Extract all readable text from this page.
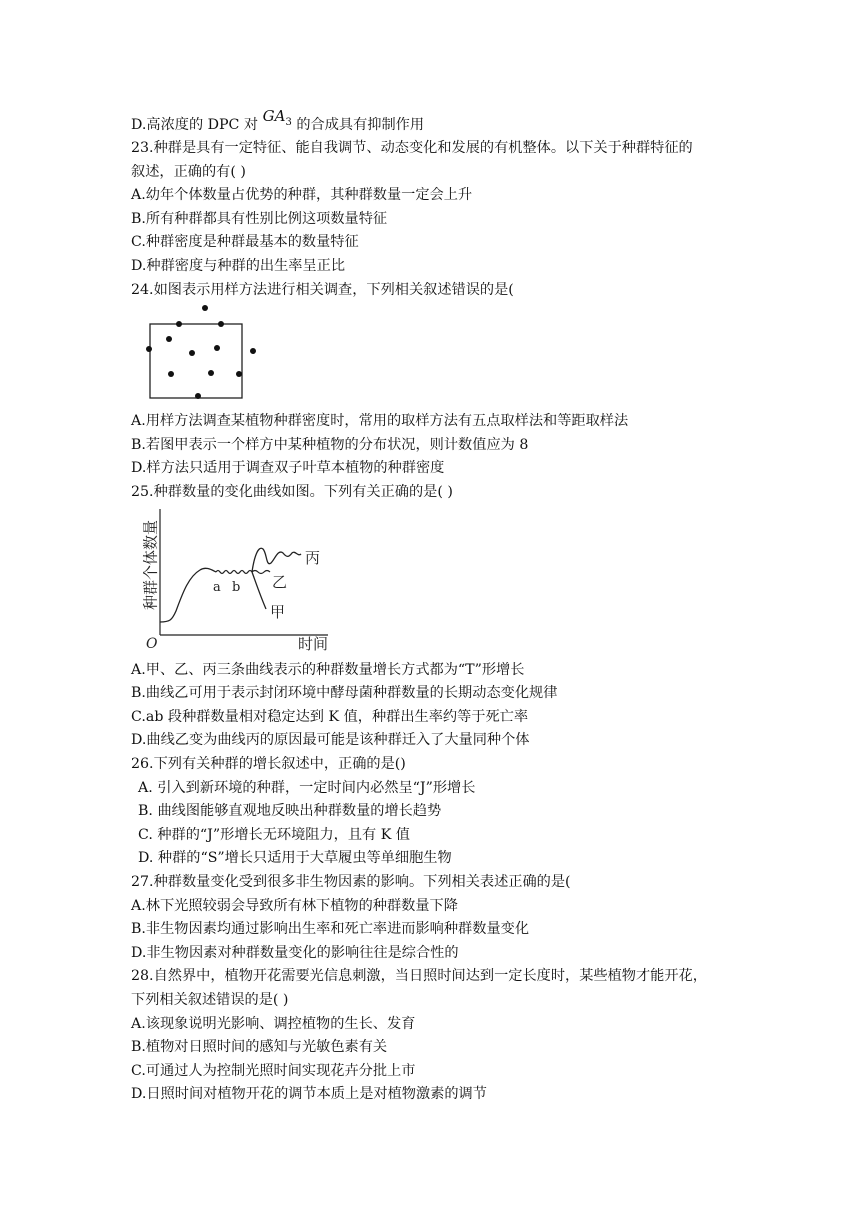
D.高浓度的 DPC 对 $GA_3$ 的合成具有抑制作用
23.种群是具有一定特征、能自我调节、动态变化和发展的有机整体。以下关于种群特征的
叙述，正确的有( )
A.幼年个体数量占优势的种群，其种群数量一定会上升
B.所有种群都具有性别比例这项数量特征
C.种群密度是种群最基本的数量特征
D.种群密度与种群的出生率呈正比
24.如图表示用样方法进行相关调查，下列相关叙述错误的是(
A.用样方法调查某植物种群密度时，常用的取样方法有五点取样法和等距取样法
B.若图甲表示一个样方中某种植物的分布状况，则计数值应为 8
D.样方法只适用于调查双子叶草本植物的种群密度
25.种群数量的变化曲线如图。下列有关正确的是( )
种群个体数量
O	时间
丙
乙
甲
a b
A.甲、乙、丙三条曲线表示的种群数量增长方式都为“T”形增长
B.曲线乙可用于表示封闭环境中酵母菌种群数量的长期动态变化规律
C.ab 段种群数量相对稳定达到 K 值，种群出生率约等于死亡率
D.曲线乙变为曲线丙的原因最可能是该种群迁入了大量同种个体
26.下列有关种群的增长叙述中，正确的是()
A. 引入到新环境的种群，一定时间内必然呈“J”形增长
B. 曲线图能够直观地反映出种群数量的增长趋势
C. 种群的“J”形增长无环境阻力，且有 K 值
D. 种群的“S”增长只适用于大草履虫等单细胞生物
27.种群数量变化受到很多非生物因素的影响。下列相关表述正确的是(
A.林下光照较弱会导致所有林下植物的种群数量下降
B.非生物因素均通过影响出生率和死亡率进而影响种群数量变化
D.非生物因素对种群数量变化的影响往往是综合性的
28.自然界中，植物开花需要光信息刺激，当日照时间达到一定长度时，某些植物才能开花，
下列相关叙述错误的是( )
A.该现象说明光影响、调控植物的生长、发育
B.植物对日照时间的感知与光敏色素有关
C.可通过人为控制光照时间实现花卉分批上市
D.日照时间对植物开花的调节本质上是对植物激素的调节
